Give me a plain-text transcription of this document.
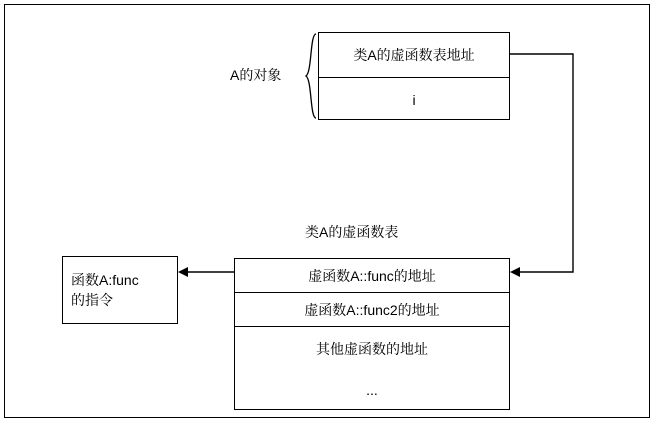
类A的虚函数表地址
i
A的对象
类A的虚函数表
虚函数A::func的地址
虚函数A::func2的地址
其他虚函数的地址
...
函数A:func
的指令
